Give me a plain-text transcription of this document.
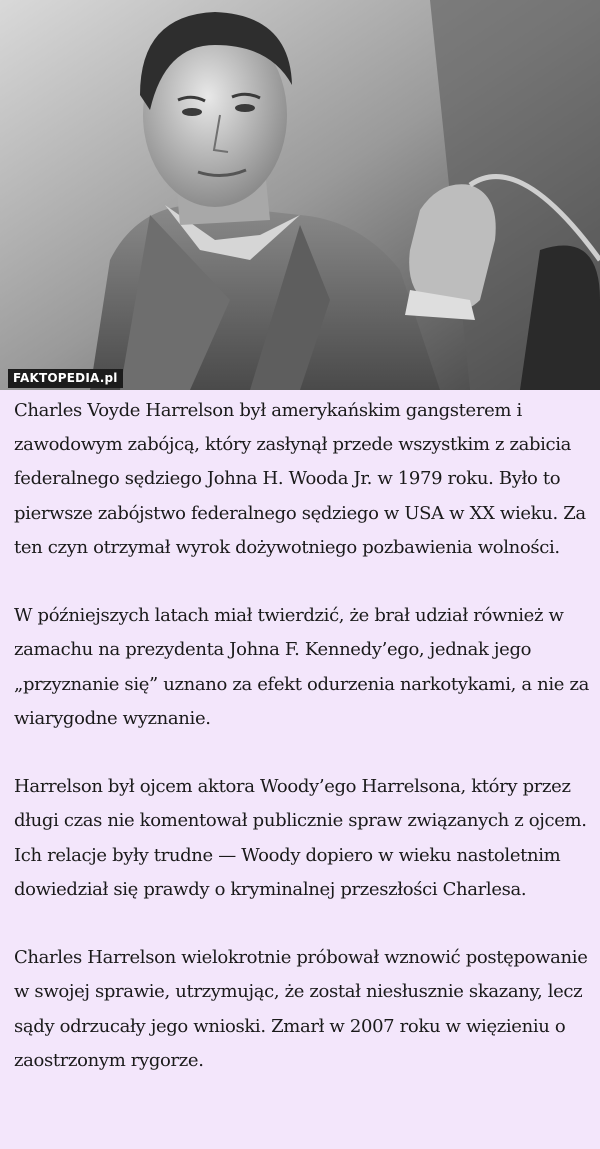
FAKTOPEDIA.pl

Charles Voyde Harrelson był amerykańskim gangsterem i zawodowym zabójcą, który zasłynął przede wszystkim z zabicia federalnego sędziego Johna H. Wooda Jr. w 1979 roku. Było to pierwsze zabójstwo federalnego sędziego w USA w XX wieku. Za ten czyn otrzymał wyrok dożywotniego pozbawienia wolności.

W późniejszych latach miał twierdzić, że brał udział również w zamachu na prezydenta Johna F. Kennedy’ego, jednak jego „przyznanie się” uznano za efekt odurzenia narkotykami, a nie za wiarygodne wyznanie.

Harrelson był ojcem aktora Woody’ego Harrelsona, który przez długi czas nie komentował publicznie spraw związanych z ojcem. Ich relacje były trudne — Woody dopiero w wieku nastoletnim dowiedział się prawdy o kryminalnej przeszłości Charlesa.

Charles Harrelson wielokrotnie próbował wznowić postępowanie w swojej sprawie, utrzymując, że został niesłusznie skazany, lecz sądy odrzucały jego wnioski. Zmarł w 2007 roku w więzieniu o zaostrzonym rygorze.
